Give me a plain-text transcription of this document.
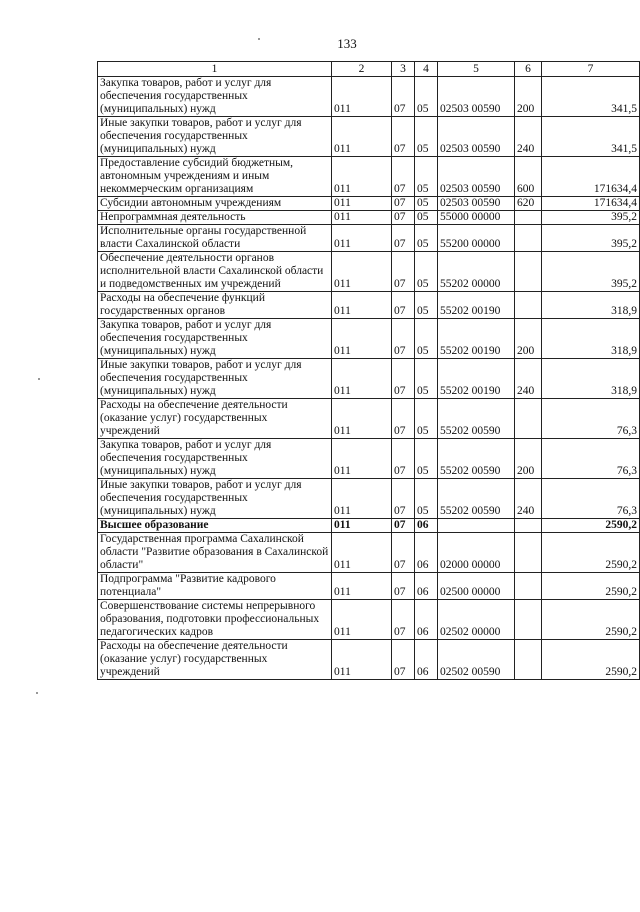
133
1	2	3	4	5	6	7
Закупка товаров, работ и услуг для обеспечения государственных (муниципальных) нужд	011	07	05	02503 00590	200	341,5
Иные закупки товаров, работ и услуг для обеспечения государственных (муниципальных) нужд	011	07	05	02503 00590	240	341,5
Предоставление субсидий бюджетным, автономным учреждениям и иным некоммерческим организациям	011	07	05	02503 00590	600	171634,4
Субсидии автономным учреждениям	011	07	05	02503 00590	620	171634,4
Непрограммная деятельность	011	07	05	55000 00000		395,2
Исполнительные органы государственной власти Сахалинской области	011	07	05	55200 00000		395,2
Обеспечение деятельности органов исполнительной власти Сахалинской области и подведомственных им учреждений	011	07	05	55202 00000		395,2
Расходы на обеспечение функций государственных органов	011	07	05	55202 00190		318,9
Закупка товаров, работ и услуг для обеспечения государственных (муниципальных) нужд	011	07	05	55202 00190	200	318,9
Иные закупки товаров, работ и услуг для обеспечения государственных (муниципальных) нужд	011	07	05	55202 00190	240	318,9
Расходы на обеспечение деятельности (оказание услуг) государственных учреждений	011	07	05	55202 00590		76,3
Закупка товаров, работ и услуг для обеспечения государственных (муниципальных) нужд	011	07	05	55202 00590	200	76,3
Иные закупки товаров, работ и услуг для обеспечения государственных (муниципальных) нужд	011	07	05	55202 00590	240	76,3
Высшее образование	011	07	06			2590,2
Государственная программа Сахалинской области "Развитие образования в Сахалинской области"	011	07	06	02000 00000		2590,2
Подпрограмма "Развитие кадрового потенциала"	011	07	06	02500 00000		2590,2
Совершенствование системы непрерывного образования, подготовки профессиональных педагогических кадров	011	07	06	02502 00000		2590,2
Расходы на обеспечение деятельности (оказание услуг) государственных учреждений	011	07	06	02502 00590		2590,2
